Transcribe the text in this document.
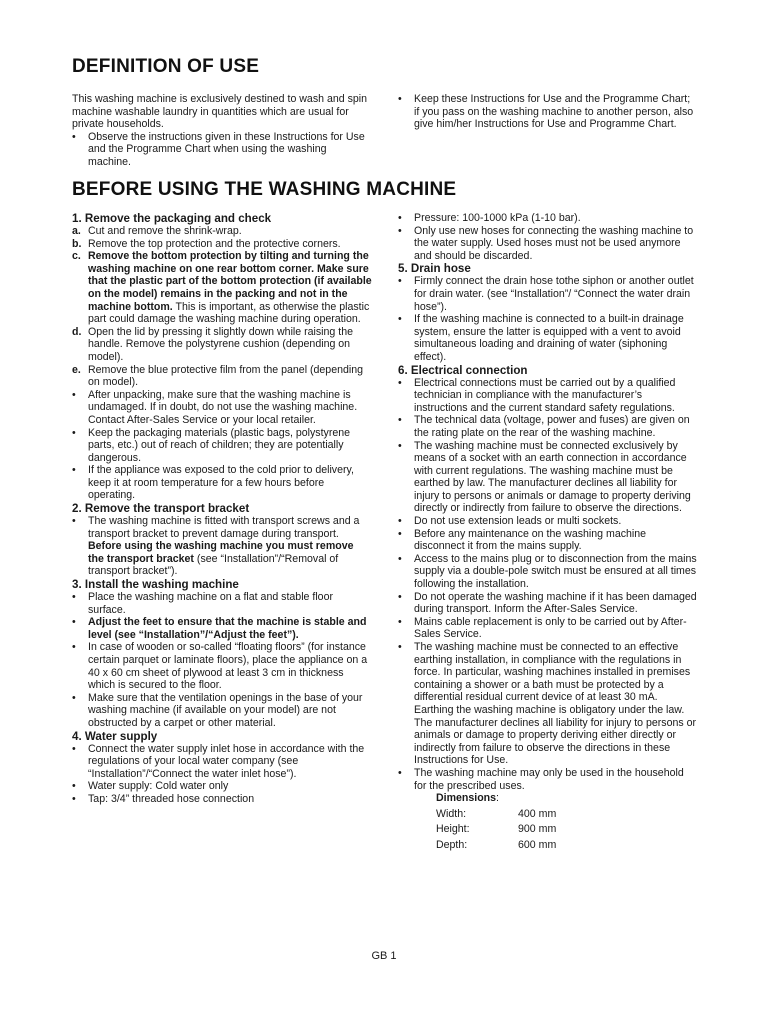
DEFINITION OF USE

This washing machine is exclusively destined to wash and spin machine washable laundry in quantities which are usual for private households.

•	Observe the instructions given in these Instructions for Use and the Programme Chart when using the washing machine.
•	Keep these Instructions for Use and the Programme Chart; if you pass on the washing machine to another person, also give him/her Instructions for Use and Programme Chart.
BEFORE USING THE WASHING MACHINE

1. Remove the packaging and check

a. Cut and remove the shrink-wrap.
b. Remove the top protection and the protective corners.
c. Remove the bottom protection by tilting and turning the washing machine on one rear bottom corner. Make sure that the plastic part of the bottom protection (if available on the model) remains in the packing and not in the machine bottom. This is important, as otherwise the plastic part could damage the washing machine during operation.
d. Open the lid by pressing it slightly down while raising the handle. Remove the polystyrene cushion (depending on model).
e. Remove the blue protective film from the panel (depending on model).
•	After unpacking, make sure that the washing machine is undamaged. If in doubt, do not use the washing machine. Contact After-Sales Service or your local retailer.
•	Keep the packaging materials (plastic bags, polystyrene parts, etc.) out of reach of children; they are potentially dangerous.
•	If the appliance was exposed to the cold prior to delivery, keep it at room temperature for a few hours before operating.

2. Remove the transport bracket

•	The washing machine is fitted with transport screws and a transport bracket to prevent damage during transport. Before using the washing machine you must remove the transport bracket (see “Installation”/“Removal of transport bracket”).

3. Install the washing machine

•	Place the washing machine on a flat and stable floor surface.
•	Adjust the feet to ensure that the machine is stable and level (see “Installation”/“Adjust the feet”).
•	In case of wooden or so-called “floating floors” (for instance certain parquet or laminate floors), place the appliance on a 40 x 60 cm sheet of plywood at least 3 cm in thickness which is secured to the floor.
•	Make sure that the ventilation openings in the base of your washing machine (if available on your model) are not obstructed by a carpet or other material.

4. Water supply

•	Connect the water supply inlet hose in accordance with the regulations of your local water company (see “Installation”/“Connect the water inlet hose”).
•	Water supply: Cold water only
•	Tap: 3/4” threaded hose connection
•	Pressure: 100-1000 kPa (1-10 bar).
•	Only use new hoses for connecting the washing machine to the water supply. Used hoses must not be used anymore and should be discarded.

5. Drain hose

•	Firmly connect the drain hose tothe siphon or another outlet for drain water. (see “Installation”/ “Connect the water drain hose”).
•	If the washing machine is connected to a built-in drainage system, ensure the latter is equipped with a vent to avoid simultaneous loading and draining of water (siphoning effect).

6. Electrical connection

•	Electrical connections must be carried out by a qualified technician in compliance with the manufacturer’s instructions and the current standard safety regulations.
•	The technical data (voltage, power and fuses) are given on the rating plate on the rear of the washing machine.
•	The washing machine must be connected exclusively by means of a socket with an earth connection in accordance with current regulations. The washing machine must be earthed by law. The manufacturer declines all liability for injury to persons or animals or damage to property deriving directly or indirectly from failure to observe the directions.
•	Do not use extension leads or multi sockets.
•	Before any maintenance on the washing machine disconnect it from the mains supply.
•	Access to the mains plug or to disconnection from the mains supply via a double-pole switch must be ensured at all times following the installation.
•	Do not operate the washing machine if it has been damaged during transport. Inform the After-Sales Service.
•	Mains cable replacement is only to be carried out by After-Sales Service.
•	The washing machine must be connected to an effective earthing installation, in compliance with the regulations in force. In particular, washing machines installed in premises containing a shower or a bath must be protected by a differential residual current device of at least 30 mA. Earthing the washing machine is obligatory under the law.
The manufacturer declines all liability for injury to persons or animals or damage to property deriving either directly or indirectly from failure to observe the directions in these Instructions for Use.
•	The washing machine may only be used in the household for the prescribed uses.
Dimensions:
Width:	400 mm
Height:	900 mm
Depth:	600 mm
GB 1
